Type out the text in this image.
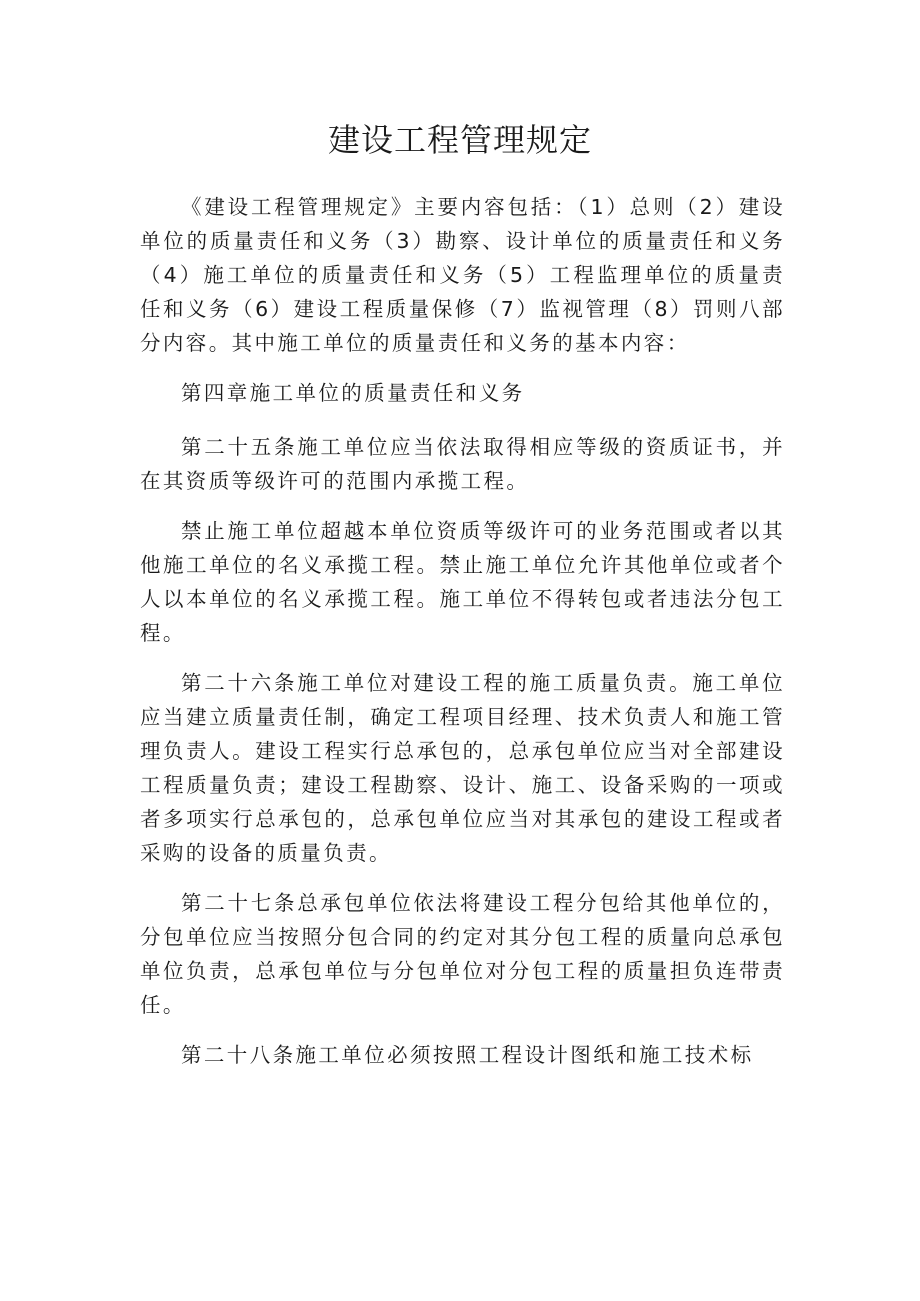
建设工程管理规定

《建设工程管理规定》主要内容包括：（1）总则（2）建设单位的质量责任和义务（3）勘察、设计单位的质量责任和义务（4）施工单位的质量责任和义务（5）工程监理单位的质量责任和义务（6）建设工程质量保修（7）监视管理（8）罚则八部分内容。其中施工单位的质量责任和义务的基本内容：

第四章施工单位的质量责任和义务

第二十五条施工单位应当依法取得相应等级的资质证书，并在其资质等级许可的范围内承揽工程。

禁止施工单位超越本单位资质等级许可的业务范围或者以其他施工单位的名义承揽工程。禁止施工单位允许其他单位或者个人以本单位的名义承揽工程。施工单位不得转包或者违法分包工程。

第二十六条施工单位对建设工程的施工质量负责。施工单位应当建立质量责任制，确定工程项目经理、技术负责人和施工管理负责人。建设工程实行总承包的，总承包单位应当对全部建设工程质量负责；建设工程勘察、设计、施工、设备采购的一项或者多项实行总承包的，总承包单位应当对其承包的建设工程或者采购的设备的质量负责。

第二十七条总承包单位依法将建设工程分包给其他单位的，分包单位应当按照分包合同的约定对其分包工程的质量向总承包单位负责，总承包单位与分包单位对分包工程的质量担负连带责任。

第二十八条施工单位必须按照工程设计图纸和施工技术标
